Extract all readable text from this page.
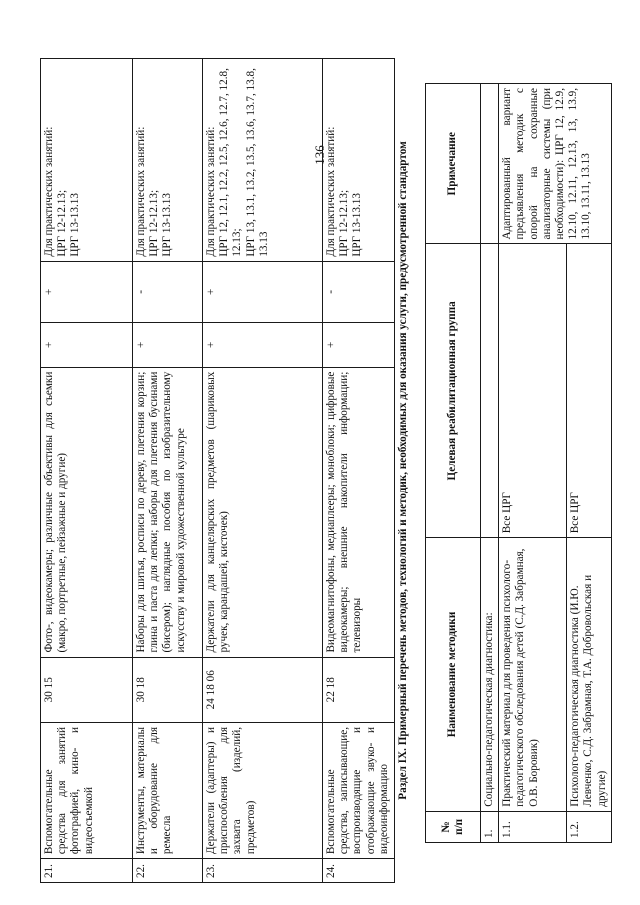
136
21.	Вспомогательные средства для занятий фотографией, кино- и видеосъемкой	30 15	Фото-, видеокамеры; различные объективы для съемки (макро, портретные, пейзажные и другие)	+	+	Для практических занятий: ЦРГ 12-12.13; ЦРГ 13-13.13

22.	Инструменты, материалы и оборудование для ремесла	30 18	Наборы для шитья, росписи по дереву, плетения корзин; глина и паста для лепки; наборы для плетения бусинами (бисером); наглядные пособия по изобразительному искусству и мировой художественной культуре	+	-	Для практических занятий: ЦРГ 12-12.13; ЦРГ 13-13.13

23.	Держатели (адаптеры) и приспособления для захвата (изделий, предметов)	24 18 06	Держатели для канцелярских предметов (шариковых ручек, карандашей, кисточек)	+	+	Для практических занятий: ЦРГ 12, 12.1, 12.2, 12.5, 12.6, 12.7, 12.8, 12.13; ЦРГ 13, 13.1, 13.2, 13.5, 13.6, 13.7, 13.8, 13.13

24.	Вспомогательные средства, записывающие, воспроизводящие и отображающие звуко- и видеоинформацию	22 18	Видеомагнитофоны, медиаплееры; моноблоки; цифровые видеокамеры; внешние накопители информации; телевизоры	+	-	Для практических занятий: ЦРГ 12-12.13; ЦРГ 13-13.13	Раздел IX. Примерный перечень методов, технологий и методик, необходимых для оказания услуги, предусмотренной стандартом
№ п/п	Наименование методики	Целевая реабилитационная группа	Примечание
1.	Социально-педагогическая диагностика:		
1.1.	Практический материал для проведения психолого-педагогического обследования детей (С.Д. Забрамная, О.В. Боровик)	Все ЦРГ	Адаптированный вариант предъявления методик с опорой на сохранные анализаторные системы (при необходимости): ЦРГ 12, 12.9, 12.10, 12.11, 12.13, 13, 13.9, 13.10, 13.11, 13.13
1.2.	Психолого-педагогическая диагностика (И.Ю. Левченко, С.Д. Забрамная, Т.А. Добровольская и другие)	Все ЦРГ	
